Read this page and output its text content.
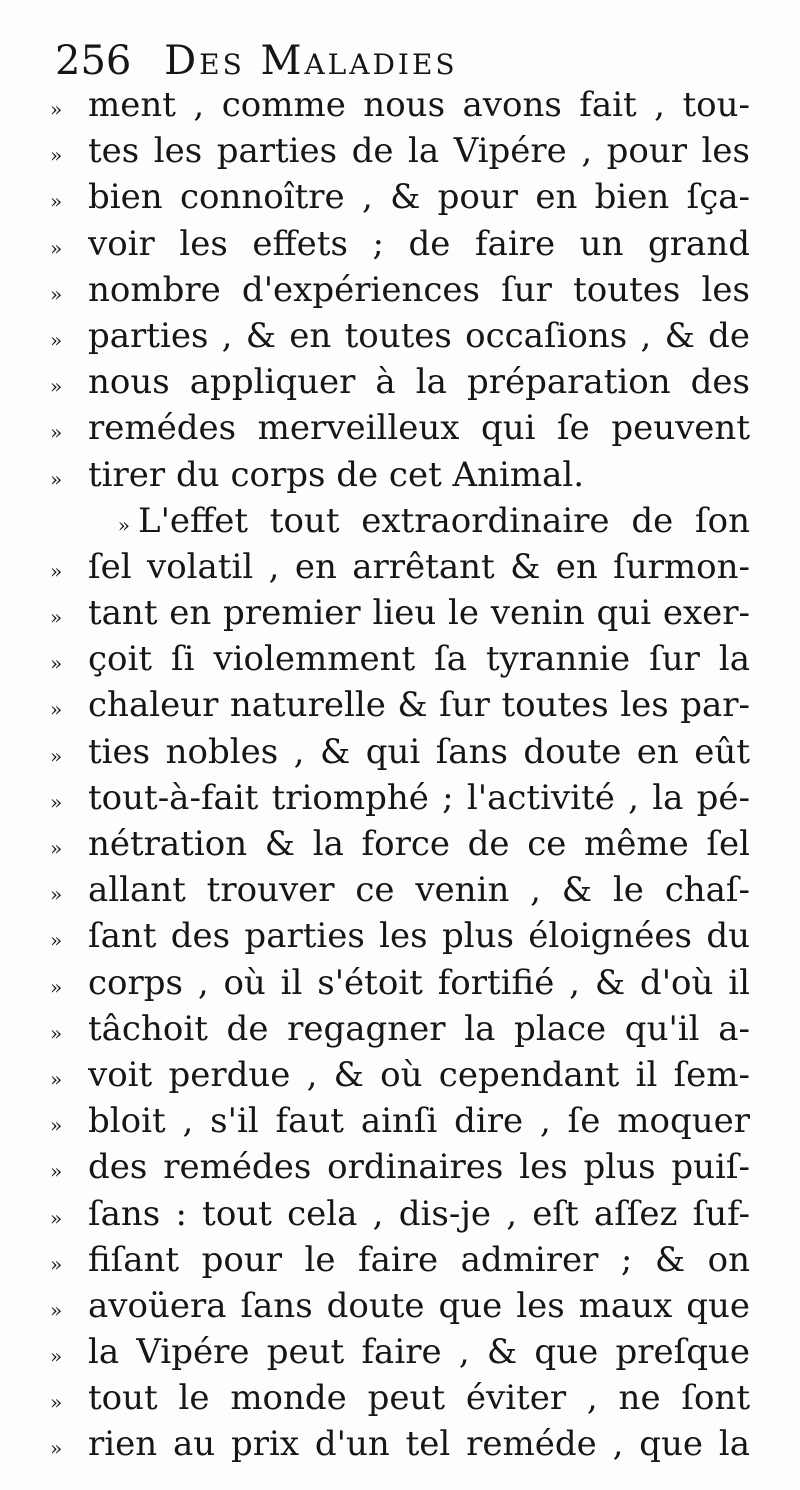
256 Des Maladies
» ment , comme nous avons fait , tou-
» tes les parties de la Vipére , pour les
» bien connoître , & pour en bien ſça-
» voir les effets ; de faire un grand
» nombre d'expériences ſur toutes les
» parties , & en toutes occaſions , & de
» nous appliquer à la préparation des
» remédes merveilleux qui ſe peuvent
» tirer du corps de cet Animal.
» L'effet tout extraordinaire de ſon
» ſel volatil , en arrêtant & en ſurmon-
» tant en premier lieu le venin qui exer-
» çoit ſi violemment ſa tyrannie ſur la
» chaleur naturelle & ſur toutes les par-
» ties nobles , & qui ſans doute en eût
» tout-à-fait triomphé ; l'activité , la pé-
» nétration & la force de ce même ſel
» allant trouver ce venin , & le chaſ-
» ſant des parties les plus éloignées du
» corps , où il s'étoit fortifié , & d'où il
» tâchoit de regagner la place qu'il a-
» voit perdue , & où cependant il ſem-
» bloit , s'il faut ainſi dire , ſe moquer
» des remédes ordinaires les plus puiſ-
» ſans : tout cela , dis-je , eſt aſſez ſuf-
» fiſant pour le faire admirer ; & on
» avoüera ſans doute que les maux que
» la Vipére peut faire , & que preſque
» tout le monde peut éviter , ne ſont
» rien au prix d'un tel reméde , que la
